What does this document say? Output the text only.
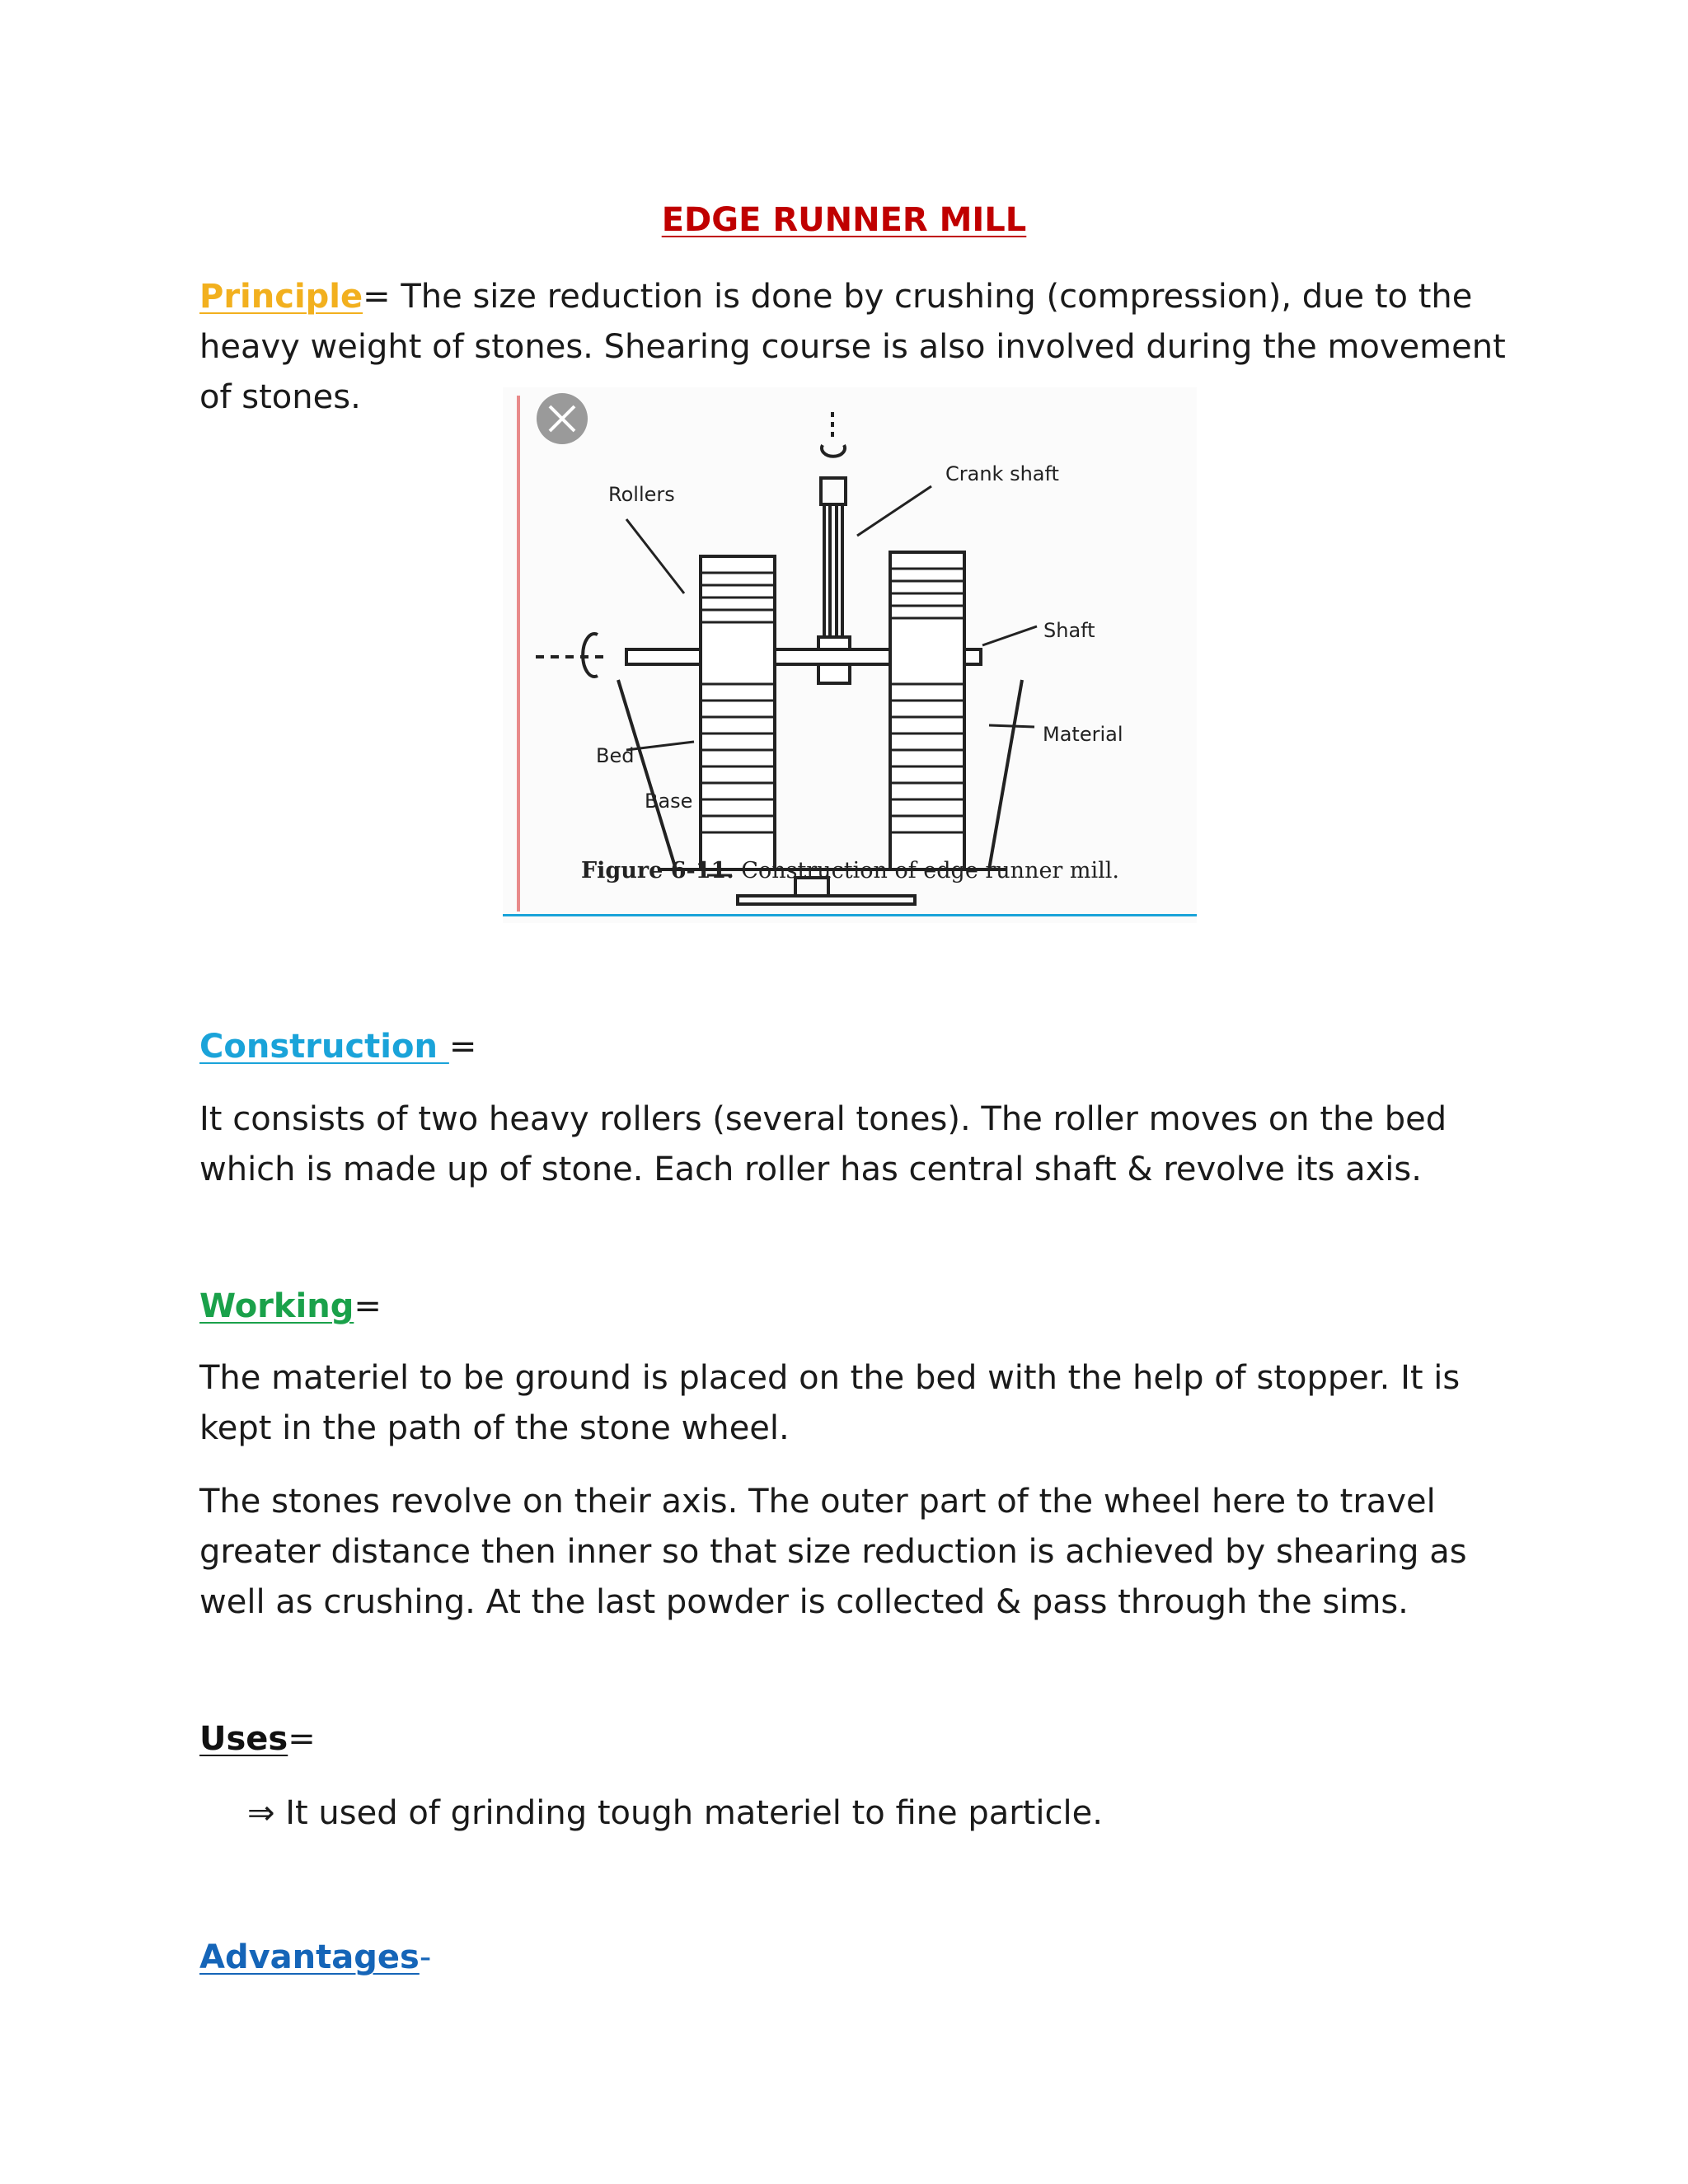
EDGE RUNNER MILL
Principle= The size reduction is done by crushing (compression), due to the heavy weight of stones. Shearing course is also involved during the movement of stones.
Rollers
Crank shaft
Shaft
Material
Bed
Base
Figure 6-11. Construction of edge runner mill.
Construction =
It consists of two heavy rollers (several tones). The roller moves on the bed which is made up of stone. Each roller has central shaft & revolve its axis.
Working=
The materiel to be ground is placed on the bed with the help of stopper. It is kept in the path of the stone wheel.
The stones revolve on their axis. The outer part of the wheel here to travel greater distance then inner so that size reduction is achieved by shearing as well as crushing. At the last powder is collected & pass through the sims.
Uses=
⇒ It used of grinding tough materiel to fine particle.
Advantages-
